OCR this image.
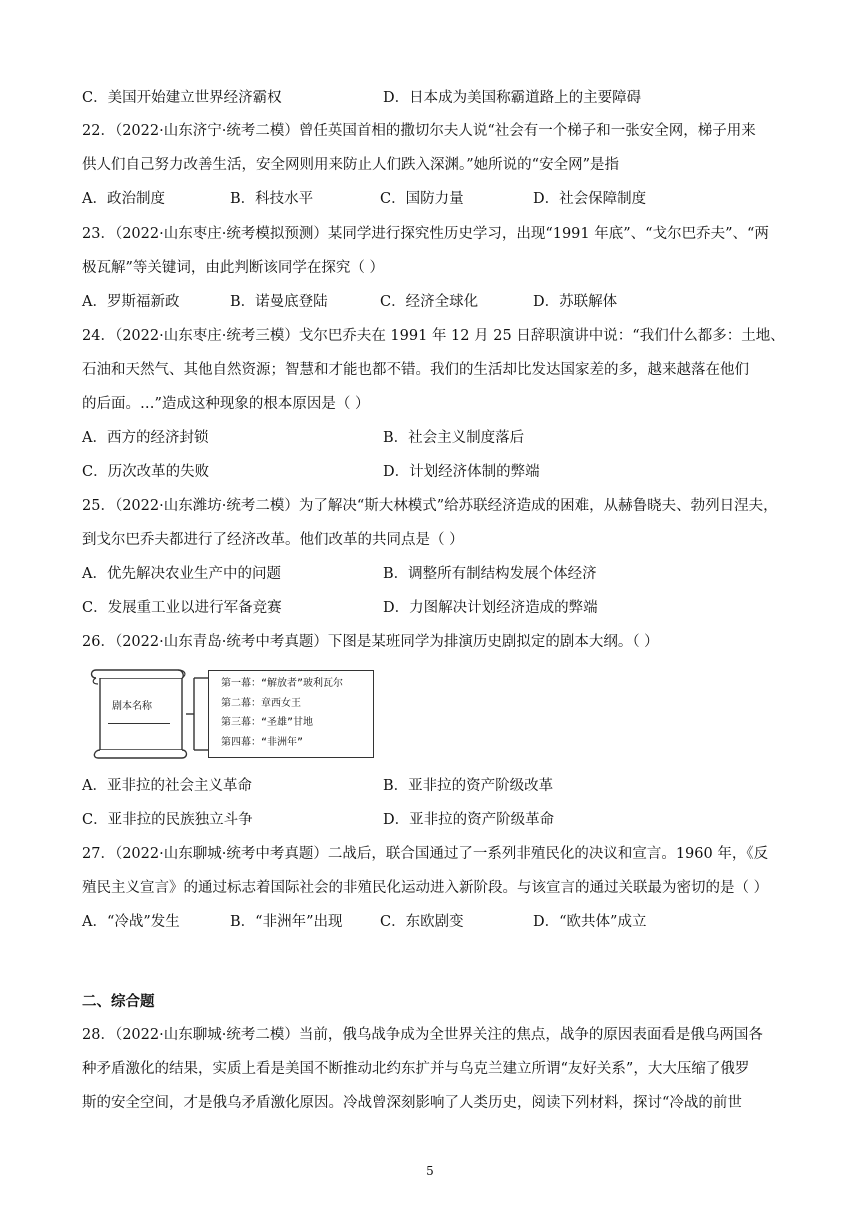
C．美国开始建立世界经济霸权	D．日本成为美国称霸道路上的主要障碍
22．（2022·山东济宁·统考二模）曾任英国首相的撒切尔夫人说“社会有一个梯子和一张安全网，梯子用来
供人们自己努力改善生活，安全网则用来防止人们跌入深渊。”她所说的“安全网”是指
A．政治制度	B．科技水平	C．国防力量	D．社会保障制度
23．（2022·山东枣庄·统考模拟预测）某同学进行探究性历史学习，出现“1991 年底”、“戈尔巴乔夫”、“两
极瓦解”等关键词，由此判断该同学在探究（ ）
A．罗斯福新政	B．诺曼底登陆	C．经济全球化	D．苏联解体
24．（2022·山东枣庄·统考三模）戈尔巴乔夫在 1991 年 12 月 25 日辞职演讲中说：“我们什么都多：土地、
石油和天然气、其他自然资源；智慧和才能也都不错。我们的生活却比发达国家差的多，越来越落在他们
的后面。…”造成这种现象的根本原因是（ ）
A．西方的经济封锁	B．社会主义制度落后
C．历次改革的失败	D．计划经济体制的弊端
25．（2022·山东潍坊·统考二模）为了解决“斯大林模式”给苏联经济造成的困难，从赫鲁晓夫、勃列日涅夫，
到戈尔巴乔夫都进行了经济改革。他们改革的共同点是（ ）
A．优先解决农业生产中的问题	B．调整所有制结构发展个体经济
C．发展重工业以进行军备竞赛	D．力图解决计划经济造成的弊端
26．（2022·山东青岛·统考中考真题）下图是某班同学为排演历史剧拟定的剧本大纲。（ ）
剧本名称
第一幕：“解放者”玻利瓦尔
第二幕：章西女王
第三幕：“圣雄”甘地
第四幕：“非洲年”
A．亚非拉的社会主义革命	B．亚非拉的资产阶级改革
C．亚非拉的民族独立斗争	D．亚非拉的资产阶级革命
27．（2022·山东聊城·统考中考真题）二战后，联合国通过了一系列非殖民化的决议和宣言。1960 年，《反
殖民主义宣言》的通过标志着国际社会的非殖民化运动进入新阶段。与该宣言的通过关联最为密切的是（ ）
A．“冷战”发生	B．“非洲年”出现	C．东欧剧变	D．“欧共体”成立
二、综合题
28．（2022·山东聊城·统考二模）当前，俄乌战争成为全世界关注的焦点，战争的原因表面看是俄乌两国各
种矛盾激化的结果，实质上看是美国不断推动北约东扩并与乌克兰建立所谓“友好关系”，大大压缩了俄罗
斯的安全空间，才是俄乌矛盾激化原因。冷战曾深刻影响了人类历史，阅读下列材料，探讨“冷战的前世
5
